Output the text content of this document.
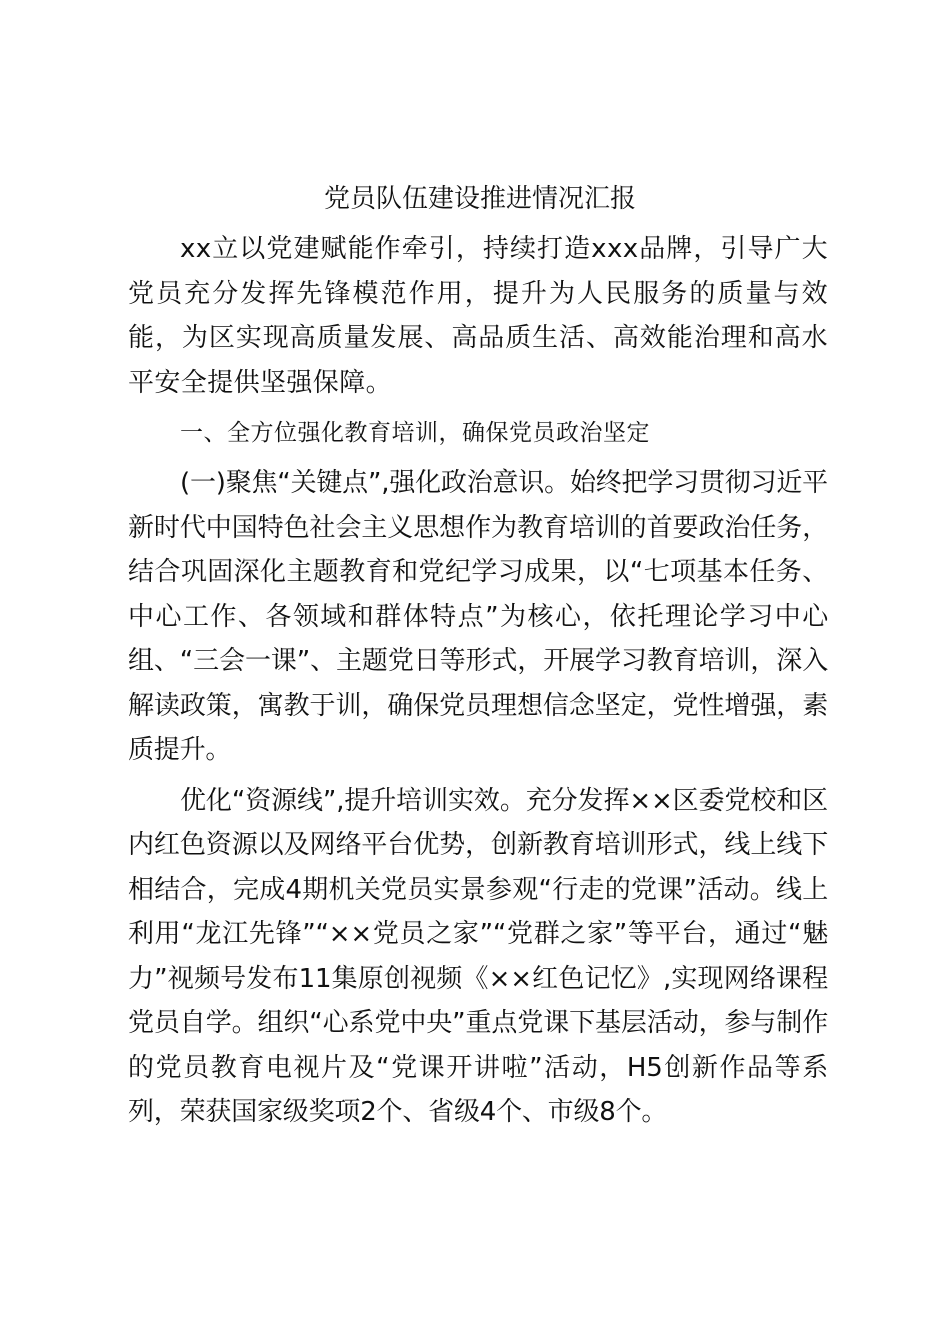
党员队伍建设推进情况汇报

xx立以党建赋能作牵引，持续打造xxx品牌，引导广大党员充分发挥先锋模范作用，提升为人民服务的质量与效能，为区实现高质量发展、高品质生活、高效能治理和高水平安全提供坚强保障。

一、全方位强化教育培训，确保党员政治坚定

(一)聚焦“关键点”,强化政治意识。始终把学习贯彻习近平新时代中国特色社会主义思想作为教育培训的首要政治任务，结合巩固深化主题教育和党纪学习成果，以“七项基本任务、中心工作、各领域和群体特点”为核心，依托理论学习中心组、“三会一课”、主题党日等形式，开展学习教育培训，深入解读政策，寓教于训，确保党员理想信念坚定，党性增强，素质提升。

优化“资源线”,提升培训实效。充分发挥××区委党校和区内红色资源以及网络平台优势，创新教育培训形式，线上线下相结合，完成4期机关党员实景参观“行走的党课”活动。线上利用“龙江先锋”“××党员之家”“党群之家”等平台，通过“魅力”视频号发布11集原创视频《××红色记忆》,实现网络课程党员自学。组织“心系党中央”重点党课下基层活动，参与制作的党员教育电视片及“党课开讲啦”活动，H5创新作品等系列，荣获国家级奖项2个、省级4个、市级8个。
